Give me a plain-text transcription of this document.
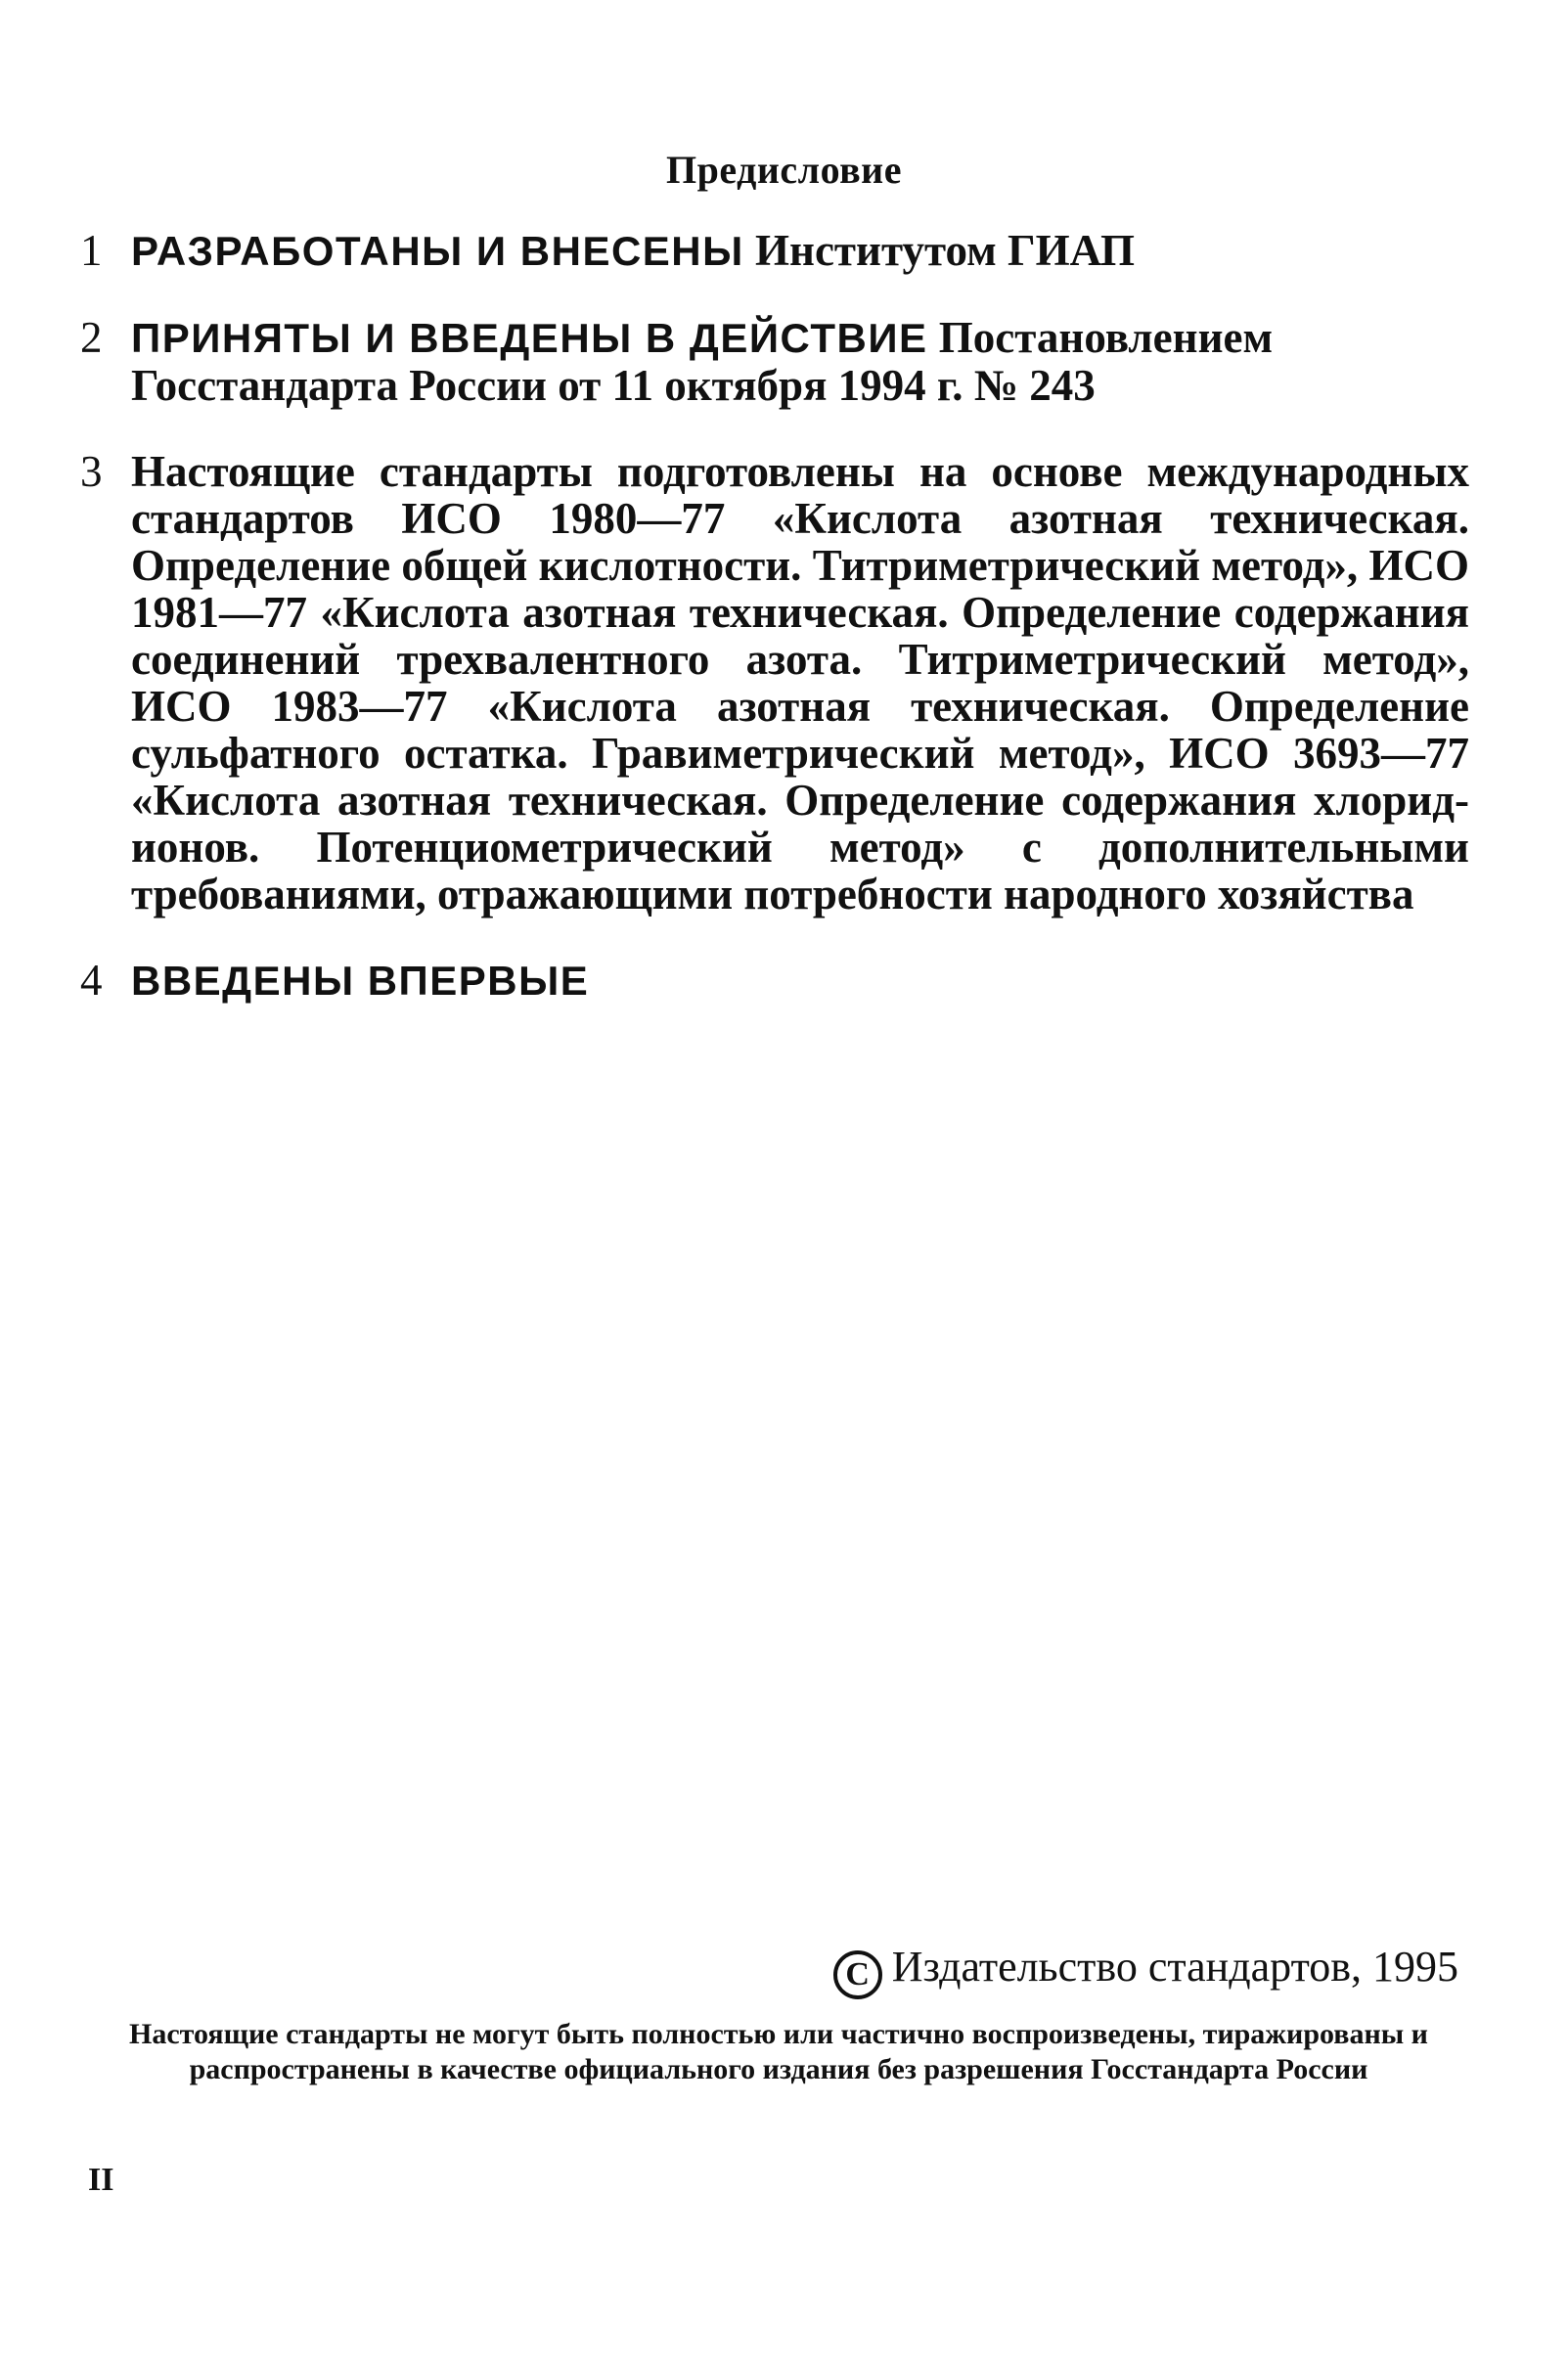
Предисловие
1 РАЗРАБОТАНЫ И ВНЕСЕНЫ Институтом ГИАП
2 ПРИНЯТЫ И ВВЕДЕНЫ В ДЕЙСТВИЕ Постановлением Госстандарта России от 11 октября 1994 г. № 243
3 Настоящие стандарты подготовлены на основе международных стандартов ИСО 1980—77 «Кислота азотная техническая. Определение общей кислотности. Титриметрический метод», ИСО 1981—77 «Кислота азотная техническая. Определение содержания соединений трехвалентного азота. Титриметрический метод», ИСО 1983—77 «Кислота азотная техническая. Определение сульфатного остатка. Гравиметрический метод», ИСО 3693—77 «Кислота азотная техническая. Определение содержания хлорид-ионов. Потенциометрический метод» с дополнительными требованиями, отражающими потребности народного хозяйства
4 ВВЕДЕНЫ ВПЕРВЫЕ
C Издательство стандартов, 1995
Настоящие стандарты не могут быть полностью или частично воспроизведены, тиражированы и распространены в качестве официального издания без разрешения Госстандарта России
II
